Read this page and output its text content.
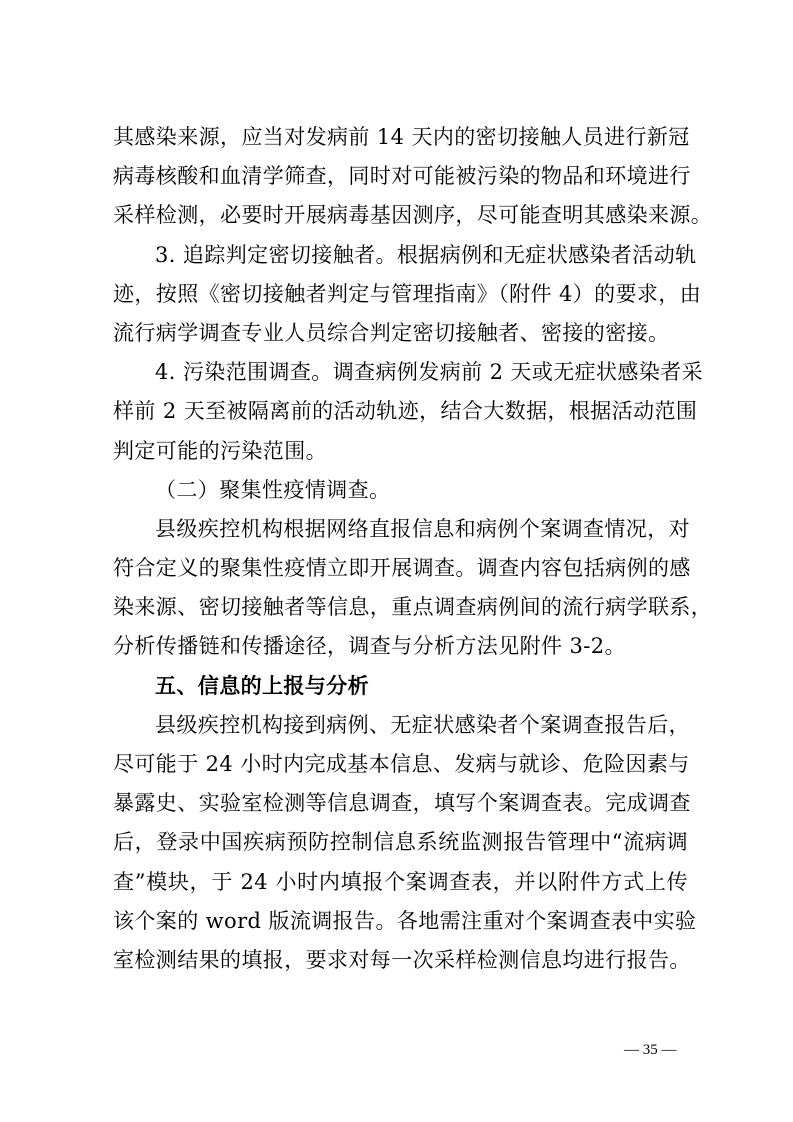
其感染来源，应当对发病前 14 天内的密切接触人员进行新冠
病毒核酸和血清学筛查，同时对可能被污染的物品和环境进行
采样检测，必要时开展病毒基因测序，尽可能查明其感染来源。
3. 追踪判定密切接触者。根据病例和无症状感染者活动轨
迹，按照《密切接触者判定与管理指南》（附件 4）的要求，由
流行病学调查专业人员综合判定密切接触者、密接的密接。
4. 污染范围调查。调查病例发病前 2 天或无症状感染者采
样前 2 天至被隔离前的活动轨迹，结合大数据，根据活动范围
判定可能的污染范围。
（二）聚集性疫情调查。
县级疾控机构根据网络直报信息和病例个案调查情况，对
符合定义的聚集性疫情立即开展调查。调查内容包括病例的感
染来源、密切接触者等信息，重点调查病例间的流行病学联系，
分析传播链和传播途径，调查与分析方法见附件 3-2。
五、信息的上报与分析
县级疾控机构接到病例、无症状感染者个案调查报告后，
尽可能于 24 小时内完成基本信息、发病与就诊、危险因素与
暴露史、实验室检测等信息调查，填写个案调查表。完成调查
后，登录中国疾病预防控制信息系统监测报告管理中“流病调
查”模块，于 24 小时内填报个案调查表，并以附件方式上传
该个案的 word 版流调报告。各地需注重对个案调查表中实验
室检测结果的填报，要求对每一次采样检测信息均进行报告。
— 35 —
